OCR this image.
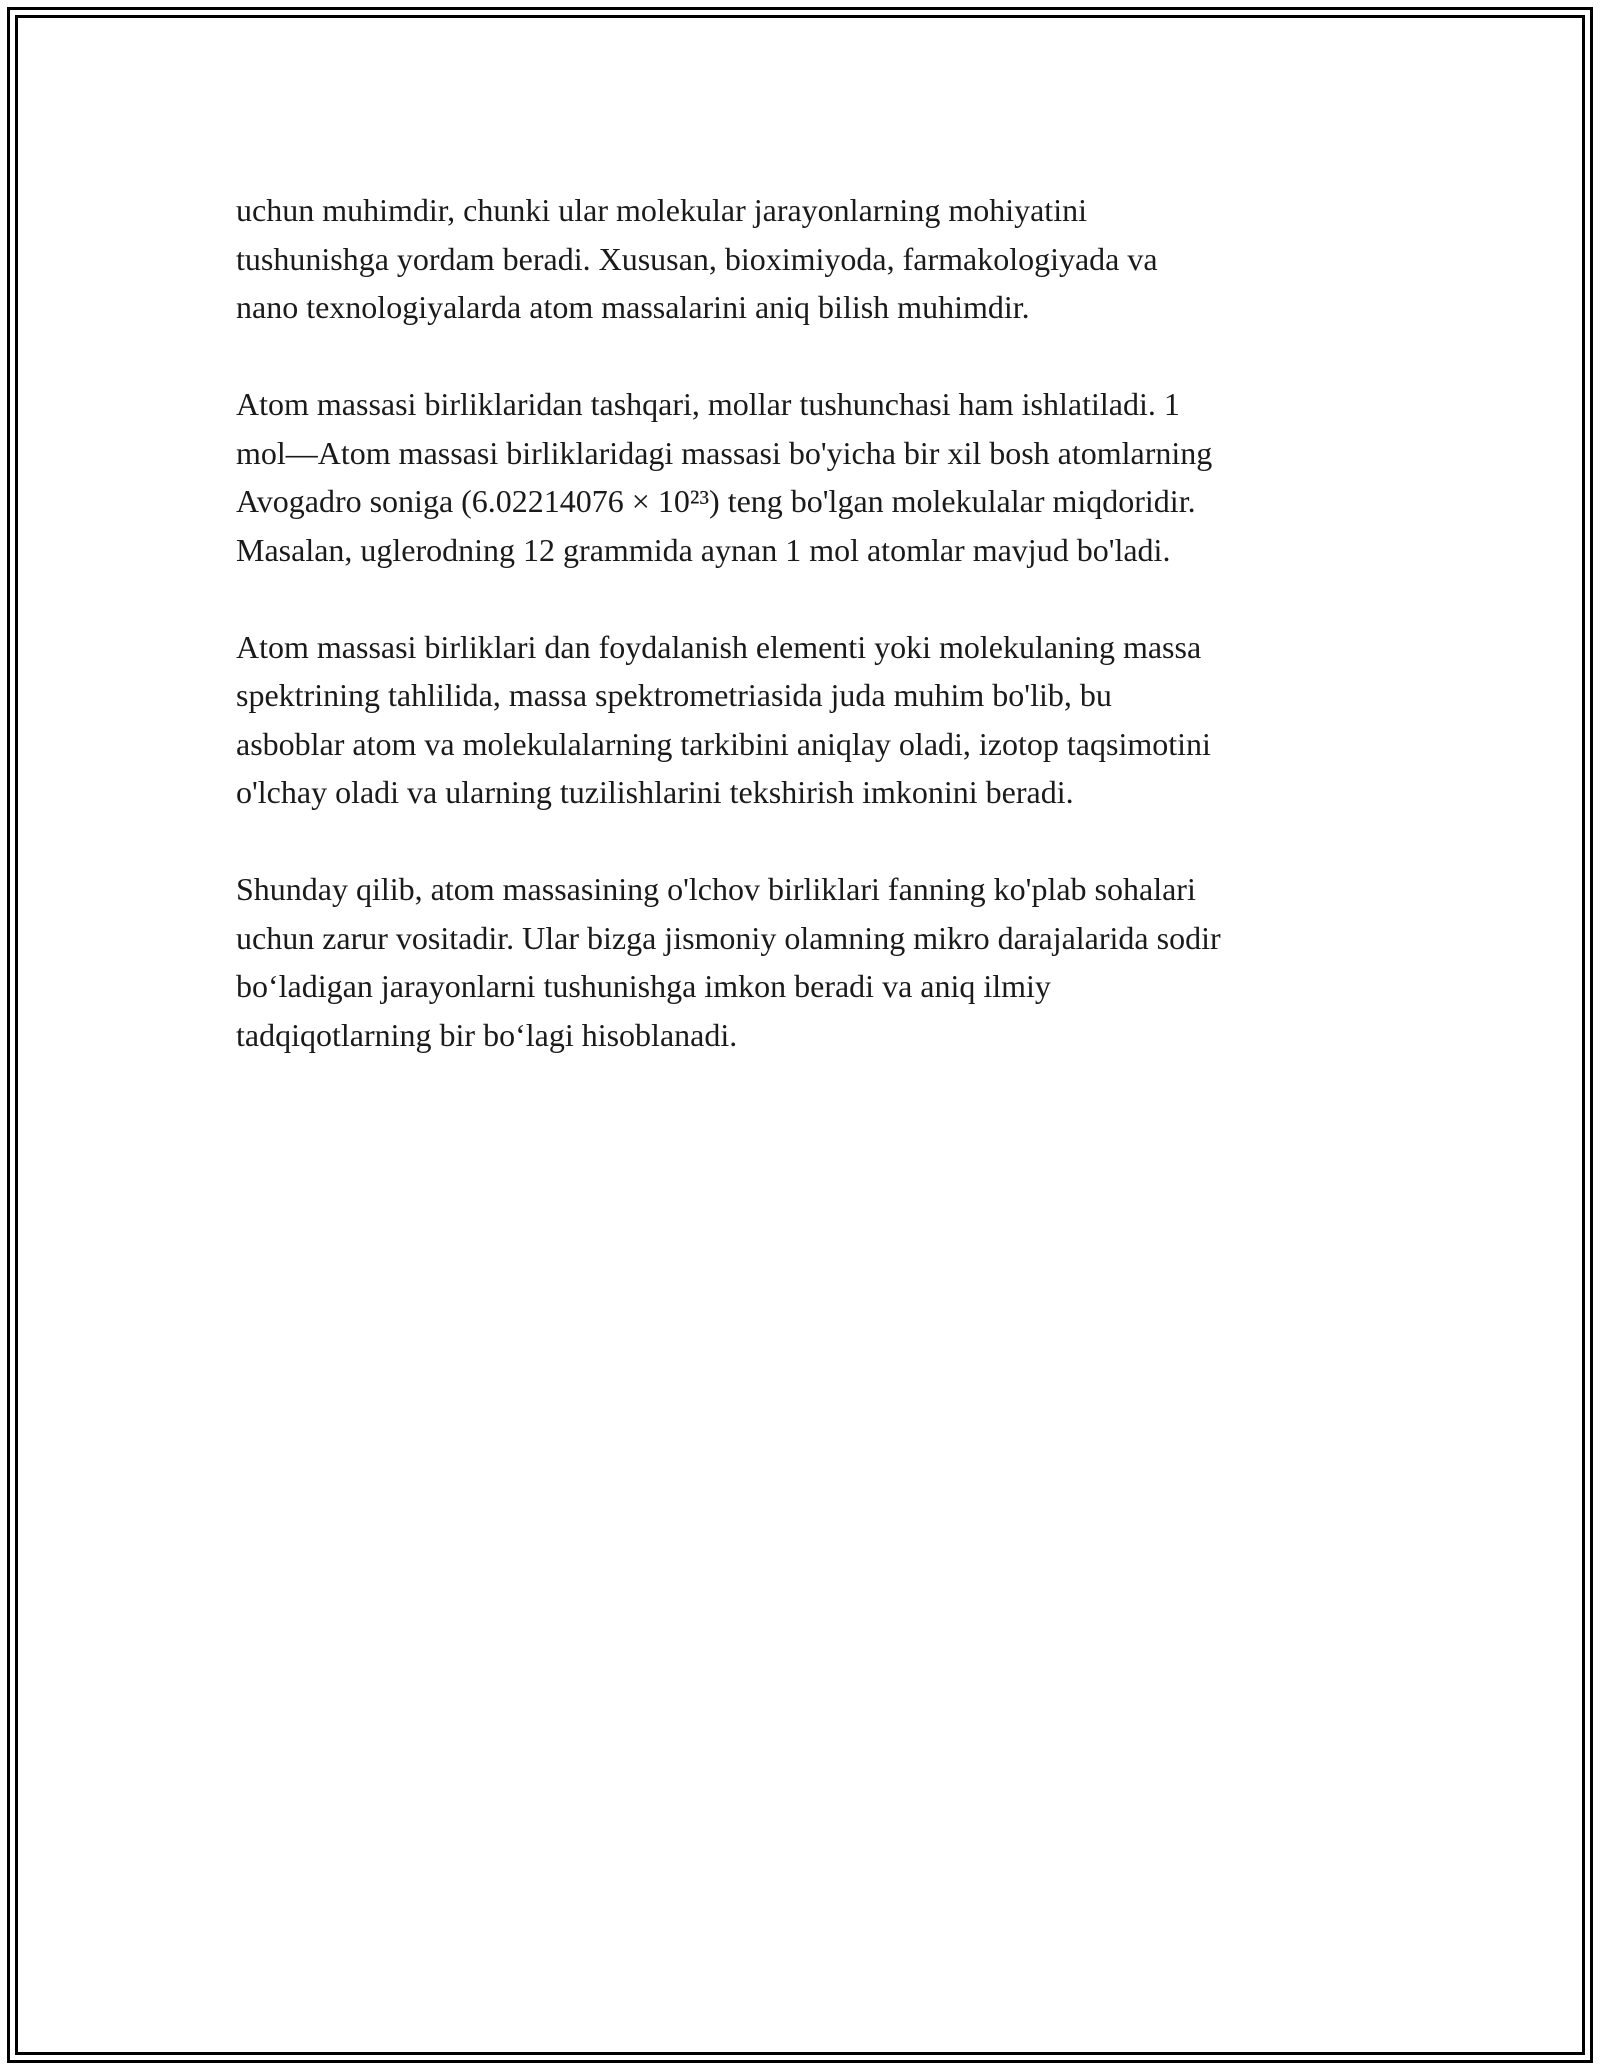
uchun muhimdir, chunki ular molekular jarayonlarning mohiyatini
tushunishga yordam beradi. Xususan, bioximiyoda, farmakologiyada va
nano texnologiyalarda atom massalarini aniq bilish muhimdir.

Atom massasi birliklaridan tashqari, mollar tushunchasi ham ishlatiladi. 1
mol—Atom massasi birliklaridagi massasi bo'yicha bir xil bosh atomlarning
Avogadro soniga (6.02214076 × 10²³) teng bo'lgan molekulalar miqdoridir.
Masalan, uglerodning 12 grammida aynan 1 mol atomlar mavjud bo'ladi.

Atom massasi birliklari dan foydalanish elementi yoki molekulaning massa
spektrining tahlilida, massa spektrometriasida juda muhim bo'lib, bu
asboblar atom va molekulalarning tarkibini aniqlay oladi, izotop taqsimotini
o'lchay oladi va ularning tuzilishlarini tekshirish imkonini beradi.

Shunday qilib, atom massasining o'lchov birliklari fanning ko'plab sohalari
uchun zarur vositadir. Ular bizga jismoniy olamning mikro darajalarida sodir
bo‘ladigan jarayonlarni tushunishga imkon beradi va aniq ilmiy
tadqiqotlarning bir bo‘lagi hisoblanadi.
